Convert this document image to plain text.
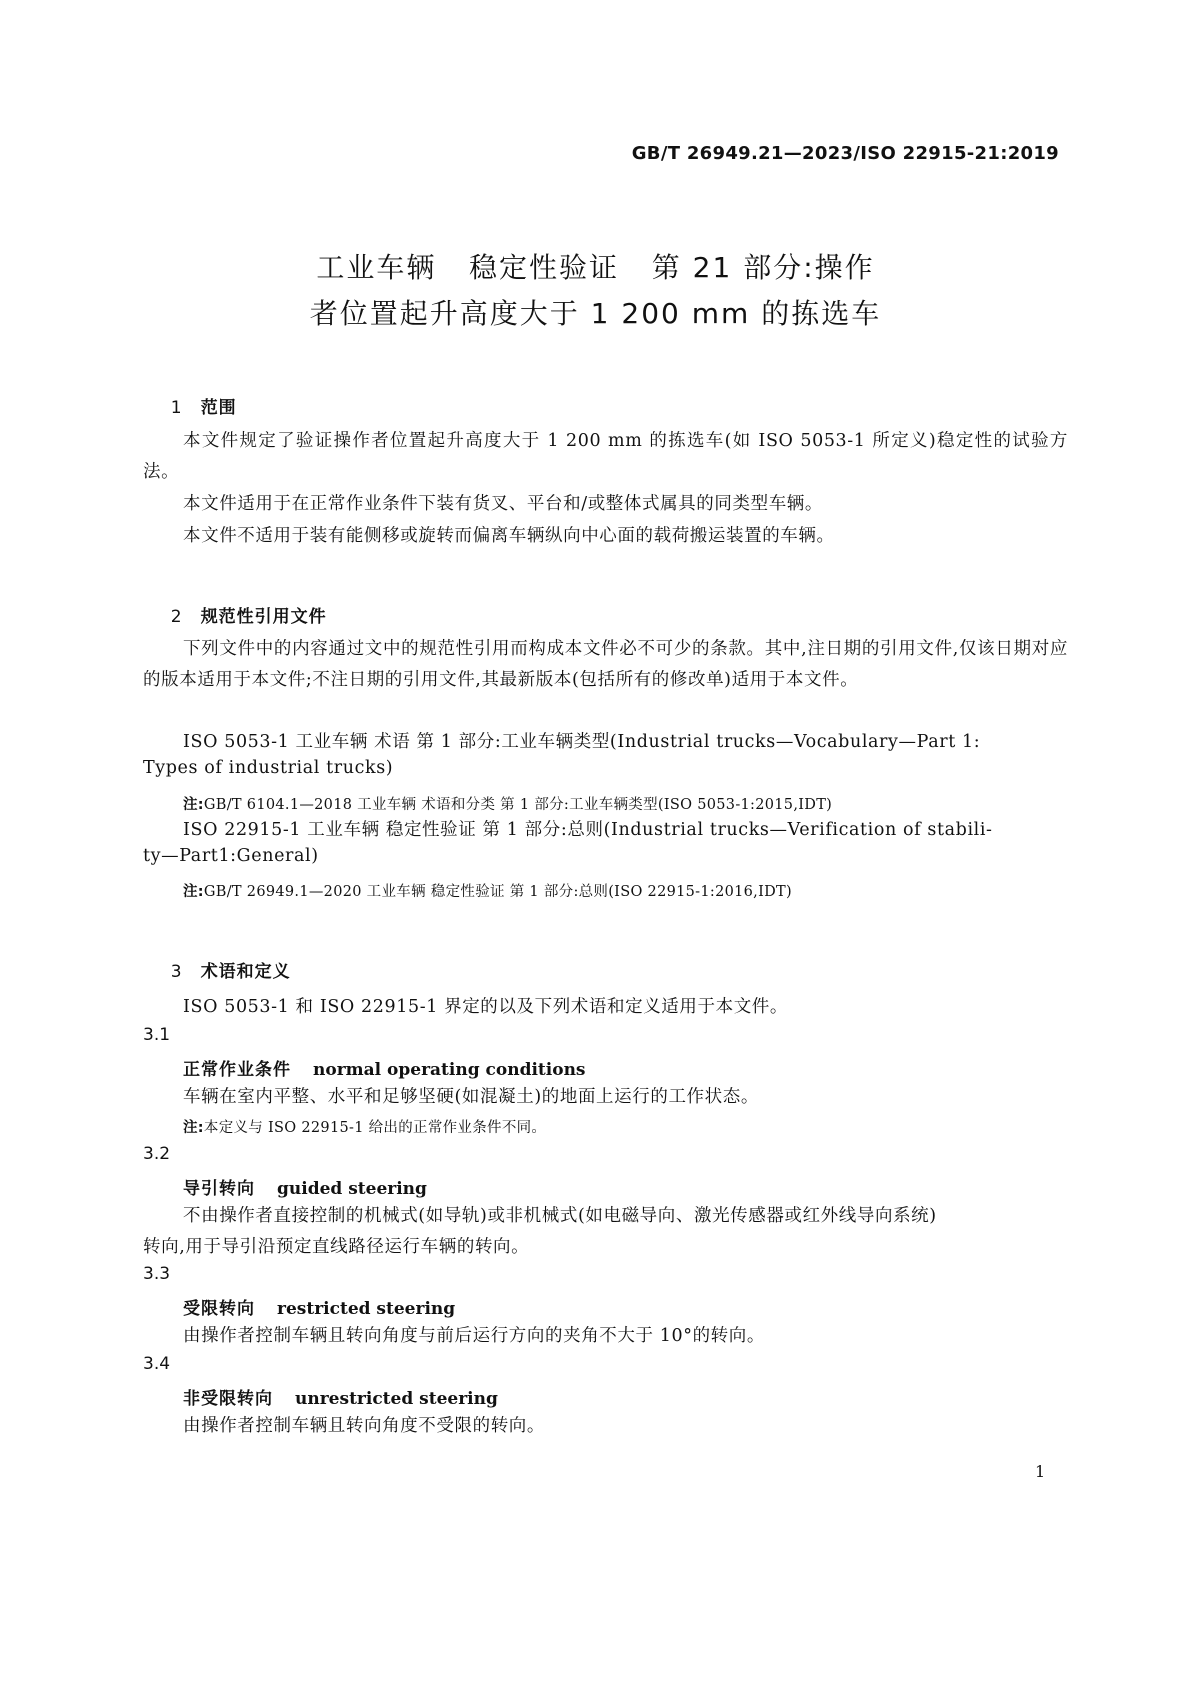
GB/T 26949.21—2023/ISO 22915-21:2019
工业车辆   稳定性验证   第 21 部分:操作
者位置起升高度大于 1 200 mm 的拣选车

1 范围

本文件规定了验证操作者位置起升高度大于 1 200 mm 的拣选车(如 ISO 5053-1 所定义)稳定性的试验方法。
本文件适用于在正常作业条件下装有货叉、平台和/或整体式属具的同类型车辆。
本文件不适用于装有能侧移或旋转而偏离车辆纵向中心面的载荷搬运装置的车辆。

2 规范性引用文件

下列文件中的内容通过文中的规范性引用而构成本文件必不可少的条款。其中,注日期的引用文件,仅该日期对应的版本适用于本文件;不注日期的引用文件,其最新版本(包括所有的修改单)适用于本文件。
ISO 5053-1 工业车辆 术语 第 1 部分:工业车辆类型(Industrial trucks—Vocabulary—Part 1:
Types of industrial trucks)
注:GB/T 6104.1—2018 工业车辆 术语和分类 第 1 部分:工业车辆类型(ISO 5053-1:2015,IDT)
ISO 22915-1 工业车辆 稳定性验证 第 1 部分:总则(Industrial trucks—Verification of stabili-
ty—Part1:General)
注:GB/T 26949.1—2020 工业车辆 稳定性验证 第 1 部分:总则(ISO 22915-1:2016,IDT)

3 术语和定义

ISO 5053-1 和 ISO 22915-1 界定的以及下列术语和定义适用于本文件。
3.1
正常作业条件 normal operating conditions
车辆在室内平整、水平和足够坚硬(如混凝土)的地面上运行的工作状态。
注:本定义与 ISO 22915-1 给出的正常作业条件不同。
3.2
导引转向 guided steering
不由操作者直接控制的机械式(如导轨)或非机械式(如电磁导向、激光传感器或红外线导向系统)
转向,用于导引沿预定直线路径运行车辆的转向。
3.3
受限转向 restricted steering
由操作者控制车辆且转向角度与前后运行方向的夹角不大于 10°的转向。
3.4
非受限转向 unrestricted steering
由操作者控制车辆且转向角度不受限的转向。
1
